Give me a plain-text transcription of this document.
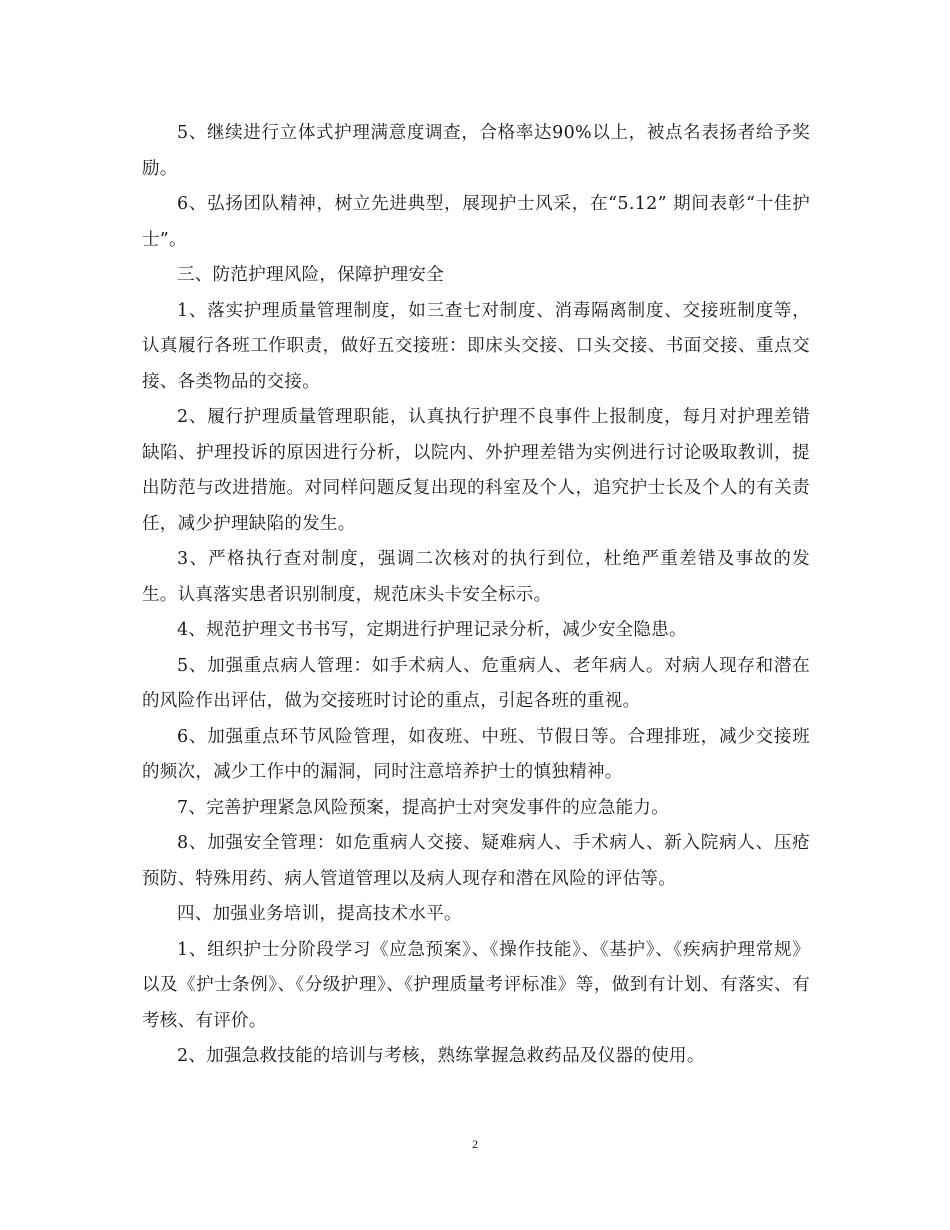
5、继续进行立体式护理满意度调查，合格率达90%以上，被点名表扬者给予奖励。

6、弘扬团队精神，树立先进典型，展现护士风采，在“5.12” 期间表彰“十佳护士”。

三、防范护理风险，保障护理安全

1、落实护理质量管理制度，如三查七对制度、消毒隔离制度、交接班制度等，认真履行各班工作职责，做好五交接班：即床头交接、口头交接、书面交接、重点交接、各类物品的交接。

2、履行护理质量管理职能，认真执行护理不良事件上报制度，每月对护理差错缺陷、护理投诉的原因进行分析，以院内、外护理差错为实例进行讨论吸取教训，提出防范与改进措施。对同样问题反复出现的科室及个人，追究护士长及个人的有关责任，减少护理缺陷的发生。

3、严格执行查对制度，强调二次核对的执行到位，杜绝严重差错及事故的发生。认真落实患者识别制度，规范床头卡安全标示。

4、规范护理文书书写，定期进行护理记录分析，减少安全隐患。

5、加强重点病人管理：如手术病人、危重病人、老年病人。对病人现存和潜在的风险作出评估，做为交接班时讨论的重点，引起各班的重视。

6、加强重点环节风险管理，如夜班、中班、节假日等。合理排班，减少交接班的频次，减少工作中的漏洞，同时注意培养护士的慎独精神。

7、完善护理紧急风险预案，提高护士对突发事件的应急能力。

8、加强安全管理：如危重病人交接、疑难病人、手术病人、新入院病人、压疮预防、特殊用药、病人管道管理以及病人现存和潜在风险的评估等。

四、加强业务培训，提高技术水平。

1、组织护士分阶段学习《应急预案》、《操作技能》、《基护》、《疾病护理常规》以及《护士条例》、《分级护理》、《护理质量考评标准》等，做到有计划、有落实、有考核、有评价。

2、加强急救技能的培训与考核，熟练掌握急救药品及仪器的使用。

2
